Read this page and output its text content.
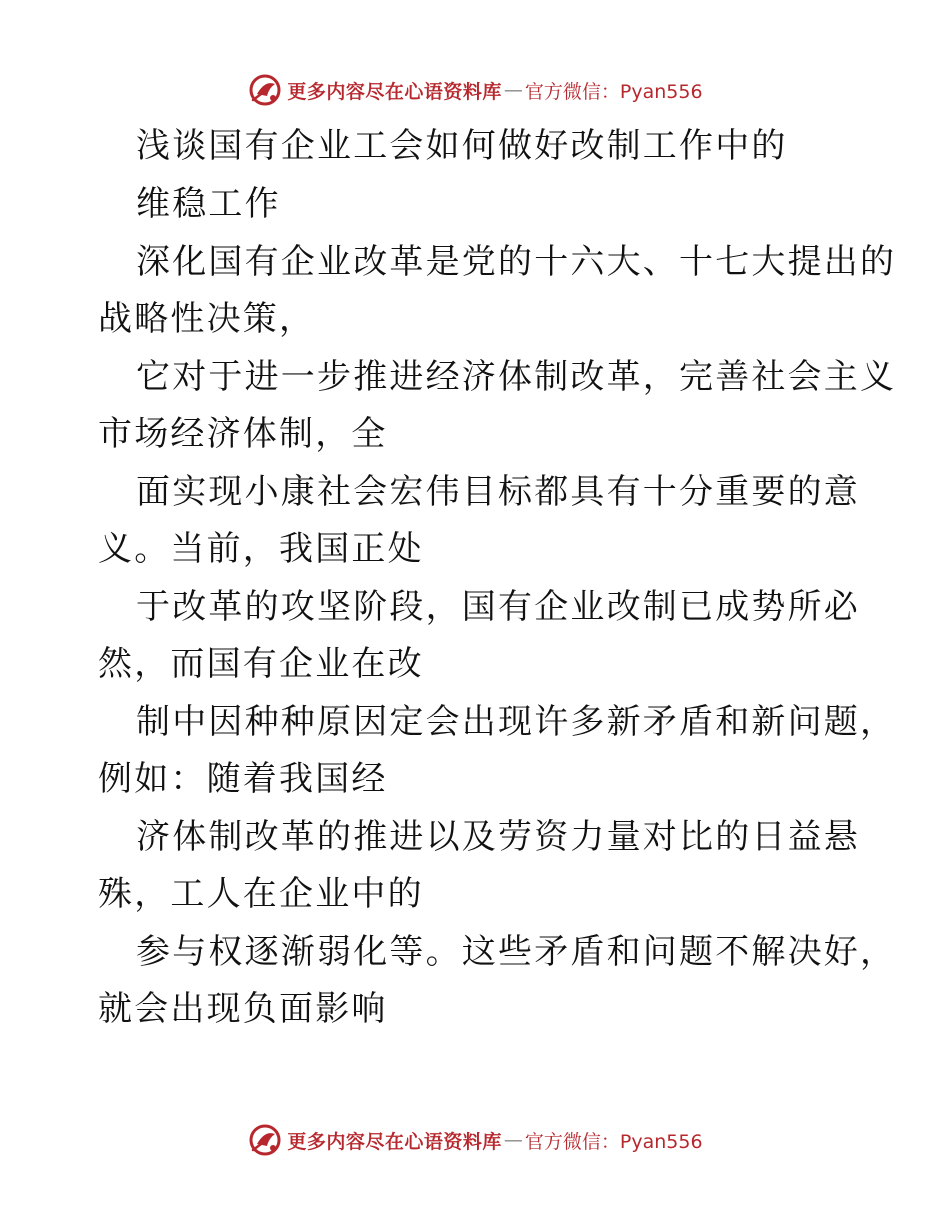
更多内容尽在心语资料库 — 官方微信：Pyan556
浅谈国有企业工会如何做好改制工作中的
维稳工作
深化国有企业改革是党的十六大、十七大提出的
战略性决策，
它对于进一步推进经济体制改革，完善社会主义
市场经济体制，全
面实现小康社会宏伟目标都具有十分重要的意
义。当前，我国正处
于改革的攻坚阶段，国有企业改制已成势所必
然，而国有企业在改
制中因种种原因定会出现许多新矛盾和新问题，
例如：随着我国经
济体制改革的推进以及劳资力量对比的日益悬
殊，工人在企业中的
参与权逐渐弱化等。这些矛盾和问题不解决好，
就会出现负面影响
更多内容尽在心语资料库 — 官方微信：Pyan556
